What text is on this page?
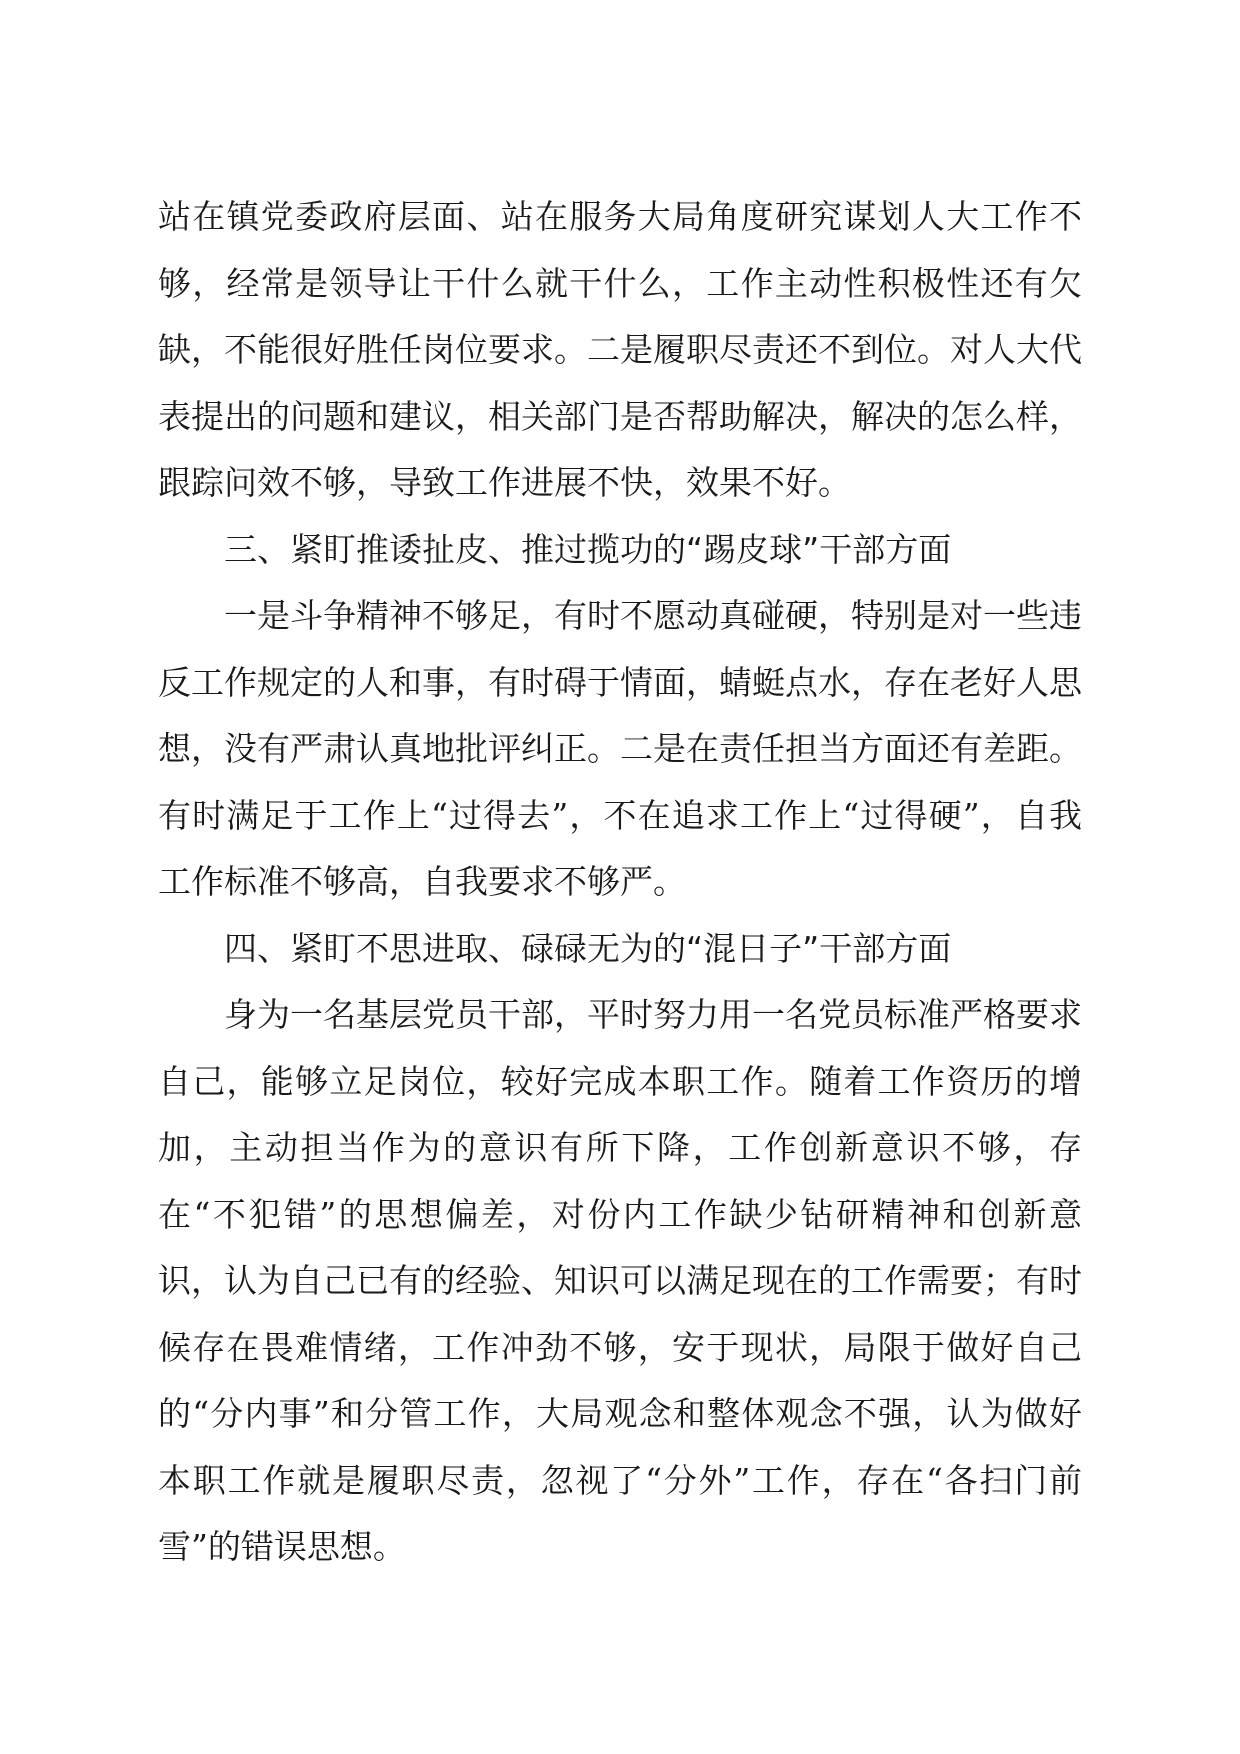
站在镇党委政府层面、站在服务大局角度研究谋划人大工作不够，经常是领导让干什么就干什么，工作主动性积极性还有欠缺，不能很好胜任岗位要求。二是履职尽责还不到位。对人大代表提出的问题和建议，相关部门是否帮助解决，解决的怎么样，跟踪问效不够，导致工作进展不快，效果不好。

三、紧盯推诿扯皮、推过揽功的“踢皮球”干部方面

一是斗争精神不够足，有时不愿动真碰硬，特别是对一些违反工作规定的人和事，有时碍于情面，蜻蜓点水，存在老好人思想，没有严肃认真地批评纠正。二是在责任担当方面还有差距。有时满足于工作上“过得去”，不在追求工作上“过得硬”，自我工作标准不够高，自我要求不够严。

四、紧盯不思进取、碌碌无为的“混日子”干部方面

身为一名基层党员干部，平时努力用一名党员标准严格要求自己，能够立足岗位，较好完成本职工作。随着工作资历的增加，主动担当作为的意识有所下降，工作创新意识不够，存在“不犯错”的思想偏差，对份内工作缺少钻研精神和创新意识，认为自己已有的经验、知识可以满足现在的工作需要；有时候存在畏难情绪，工作冲劲不够，安于现状，局限于做好自己的“分内事”和分管工作，大局观念和整体观念不强，认为做好本职工作就是履职尽责，忽视了“分外”工作，存在“各扫门前雪”的错误思想。
